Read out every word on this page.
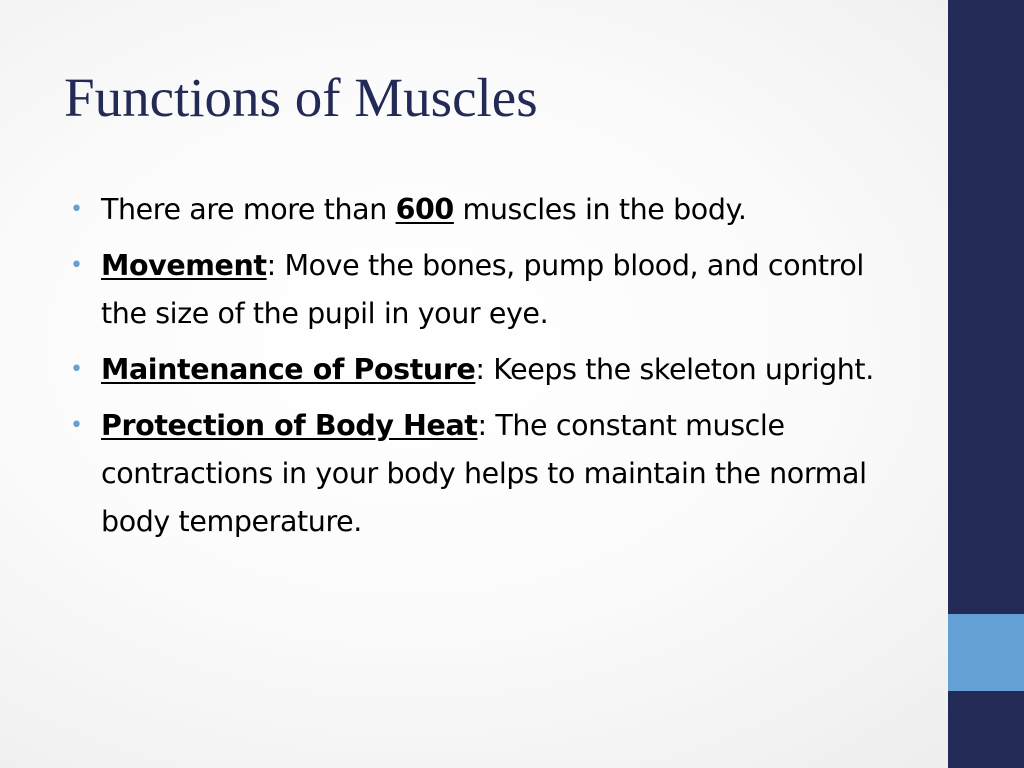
Functions of Muscles
• There are more than 600 muscles in the body.
• Movement: Move the bones, pump blood, and control the size of the pupil in your eye.
• Maintenance of Posture: Keeps the skeleton upright.
• Protection of Body Heat: The constant muscle contractions in your body helps to maintain the normal body temperature.
